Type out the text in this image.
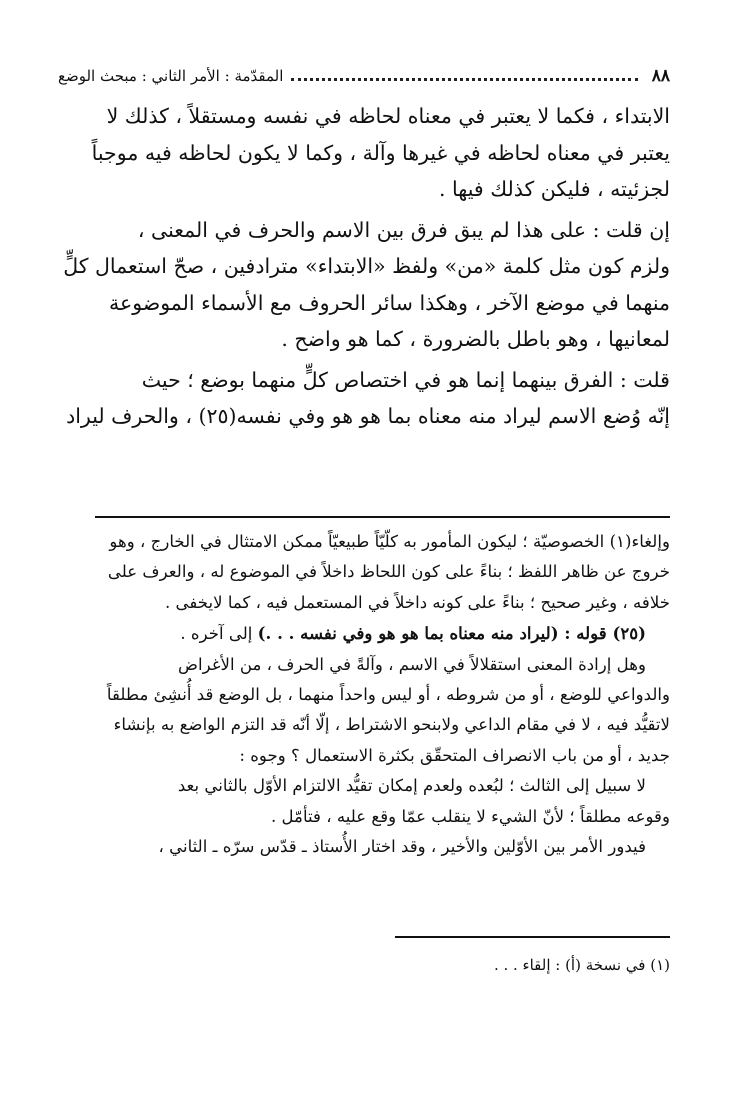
٨٨
المقدّمة : الأمر الثاني : مبحث الوضع

الابتداء ، فكما لا يعتبر في معناه لحاظه في نفسه ومستقلاً ، كذلك لا

يعتبر في معناه لحاظه في غيرها وآلة ، وكما لا يكون لحاظه فيه موجباً

لجزئيته ، فليكن كذلك فيها .

إن قلت : على هذا لم يبق فرق بين الاسم والحرف في المعنى ،

ولزم كون مثل كلمة «من» ولفظ «الابتداء» مترادفين ، صحّ استعمال كلٍّ

منهما في موضع الآخر ، وهكذا سائر الحروف مع الأسماء الموضوعة

لمعانيها ، وهو باطل بالضرورة ، كما هو واضح .

قلت : الفرق بينهما إنما هو في اختصاص كلٍّ منهما بوضع ؛ حيث

إنّه وُضع الاسم ليراد منه معناه بما هو هو وفي نفسه(٢٥) ، والحرف ليراد

وإلغاء(١) الخصوصيّة ؛ ليكون المأمور به كلّيّاً طبيعيّاً ممكن الامتثال في الخارج ، وهو

خروج عن ظاهر اللفظ ؛ بناءً على كون اللحاظ داخلاً في الموضوع له ، والعرف على

خلافه ، وغير صحيح ؛ بناءً على كونه داخلاً في المستعمل فيه ، كما لايخفى .

(٢٥) قوله : (ليراد منه معناه بما هو هو وفي نفسه . . .) إلى آخره .

وهل إرادة المعنى استقلالاً في الاسم ، وآلةً في الحرف ، من الأغراض

والدواعي للوضع ، أو من شروطه ، أو ليس واحداً منهما ، بل الوضع قد أُنشِئ مطلقاً

لاتقيُّد فيه ، لا في مقام الداعي ولابنحو الاشتراط ، إلّا أنّه قد التزم الواضع به بإنشاء

جديد ، أو من باب الانصراف المتحقّق بكثرة الاستعمال ؟ وجوه :

لا سبيل إلى الثالث ؛ لبُعده ولعدم إمكان تقيُّد الالتزام الأوّل بالثاني بعد

وقوعه مطلقاً ؛ لأنّ الشيء لا ينقلب عمّا وقع عليه ، فتأمّل .

فيدور الأمر بين الأوّلين والأخير ، وقد اختار الأُستاذ ـ قدّس سرّه ـ الثاني ،

(١) في نسخة (أ) : إلقاء . . .
